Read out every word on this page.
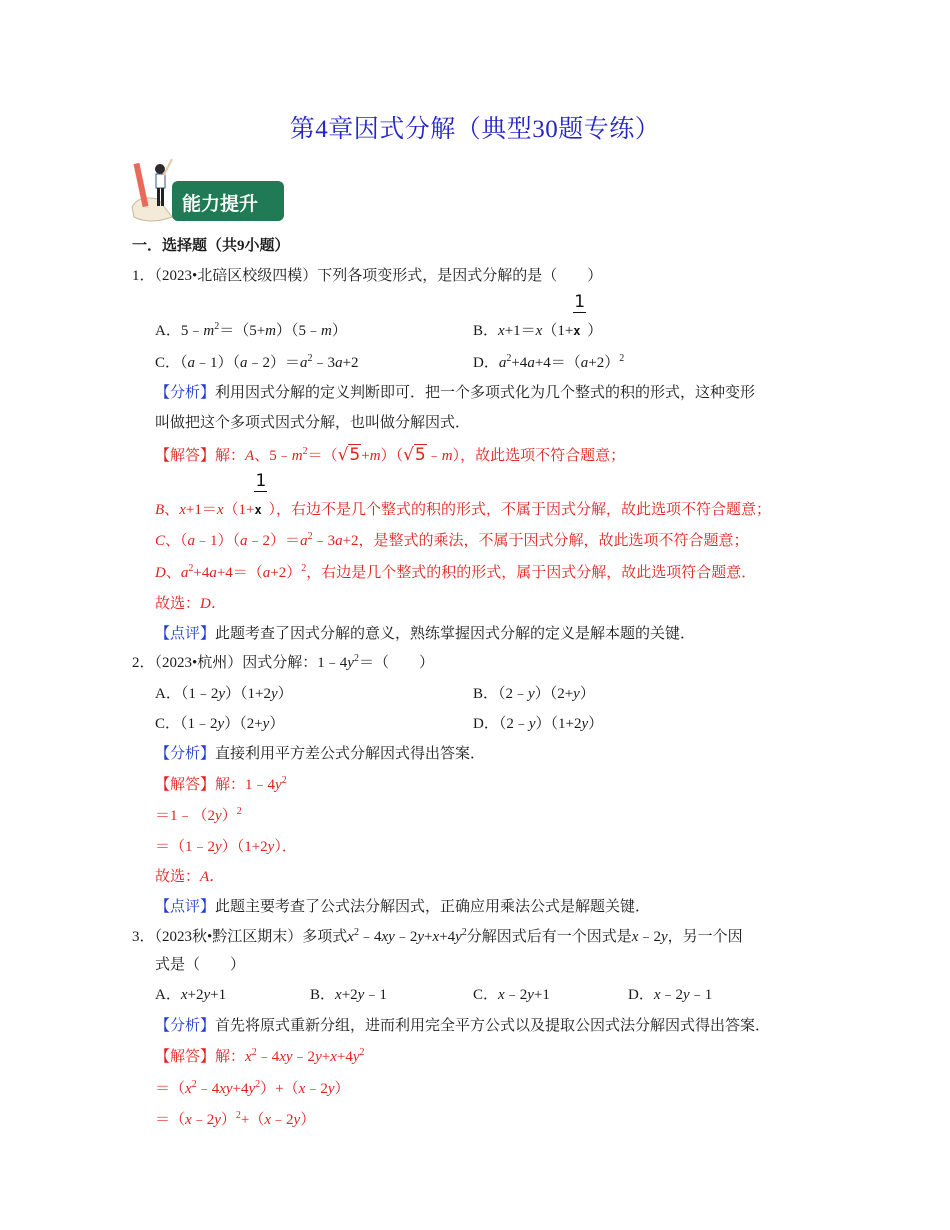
第4章因式分解（典型30题专练）
能力提升
一．选择题（共9小题）
1．（2023•北碚区校级四模）下列各项变形式，是因式分解的是（　　）
A．$5﹣m^2=(5+m)(5﹣m)$	B．$x+1=x(1+ \frac{1}{x})$
C．$(a﹣1)(a﹣2)=a^2﹣3a+2$	D．$a^2+4a+4=(a+2)^2$
【分析】利用因式分解的定义判断即可．把一个多项式化为几个整式的积的形式，这种变形
叫做把这个多项式因式分解，也叫做分解因式．
【解答】解：A、$5﹣m^2=(√5+m)(√5﹣m)$，故此选项不符合题意；
B、$x+1=x(1+ \frac{1}{x})$，右边不是几个整式的积的形式，不属于因式分解，故此选项不符合题意；
C、$(a﹣1)(a﹣2)=a^2﹣3a+2$，是整式的乘法，不属于因式分解，故此选项不符合题意；
D、$a^2+4a+4=(a+2)^2$，右边是几个整式的积的形式，属于因式分解，故此选项符合题意．
故选：D．
【点评】此题考查了因式分解的意义，熟练掌握因式分解的定义是解本题的关键．
2．（2023•杭州）因式分解：$1﹣4y^2=$（　　）
A．（1﹣2y）（1+2y）	B．（2﹣y）（2+y）
C．（1﹣2y）（2+y）	D．（2﹣y）（1+2y）
【分析】直接利用平方差公式分解因式得出答案．
【解答】解：$1﹣4y^2$
$=1﹣(2y)^2$
＝（1﹣2y）（1+2y）．
故选：A．
【点评】此题主要考查了公式法分解因式，正确应用乘法公式是解题关键．
3．（2023秋•黔江区期末）多项式$x^2﹣4xy﹣2y+x+4y^2$分解因式后有一个因式是x﹣2y，另一个因
式是（　　）
A．x+2y+1	B．x+2y﹣1	C．x﹣2y+1	D．x﹣2y﹣1
【分析】首先将原式重新分组，进而利用完全平方公式以及提取公因式法分解因式得出答案．
【解答】解：$x^2﹣4xy﹣2y+x+4y^2$
$=(x^2﹣4xy+4y^2)+(x﹣2y)$
＝（x﹣2y）$^2$+（x﹣2y）
